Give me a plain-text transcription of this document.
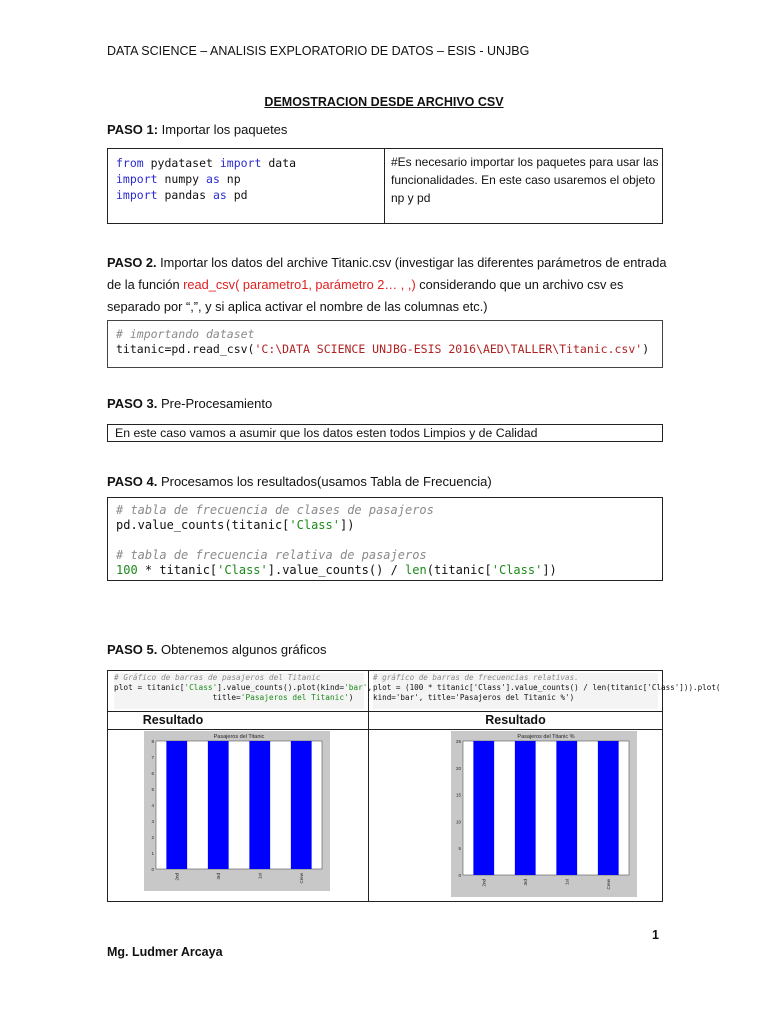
DATA SCIENCE – ANALISIS EXPLORATORIO DE DATOS – ESIS - UNJBG
DEMOSTRACION DESDE ARCHIVO CSV
PASO 1: Importar los paquetes
from pydataset import data
import numpy as np
import pandas as pd
#Es necesario importar los paquetes para usar las funcionalidades. En este caso usaremos el objeto np y pd
PASO 2. Importar los datos del archive Titanic.csv (investigar las diferentes parámetros de entrada de la función read_csv( parametro1, parámetro 2… , ,) considerando que un archivo csv es separado por “,”, y si aplica activar el nombre de las columnas etc.)
# importando dataset
titanic=pd.read_csv('C:\DATA SCIENCE UNJBG-ESIS 2016\AED\TALLER\Titanic.csv')
PASO 3. Pre-Procesamiento
En este caso vamos a asumir que los datos esten todos Limpios y de Calidad
PASO 4. Procesamos los resultados(usamos Tabla de Frecuencia)
# tabla de frecuencia de clases de pasajeros
pd.value_counts(titanic['Class'])

# tabla de frecuencia relativa de pasajeros
100 * titanic['Class'].value_counts() / len(titanic['Class'])
PASO 5. Obtenemos algunos gráficos
# Gráfico de barras de pasajeros del Titanic
plot = titanic['Class'].value_counts().plot(kind='bar',
title='Pasajeros del Titanic')
# gráfico de barras de frecuencias relativas.
plot = (100 * titanic['Class'].value_counts() / len(titanic['Class'])).plot(
kind='bar', title='Pasajeros del Titanic %')
Resultado	Resultado
Pasajeros del Titanic
0
1
2
3
4
5
6
7
8
2nd	3rd	1st	Crew
Pasajeros del Titanic %
0
5
10
15
20
25
2nd	3rd	1st	Crew
1
Mg. Ludmer Arcaya
